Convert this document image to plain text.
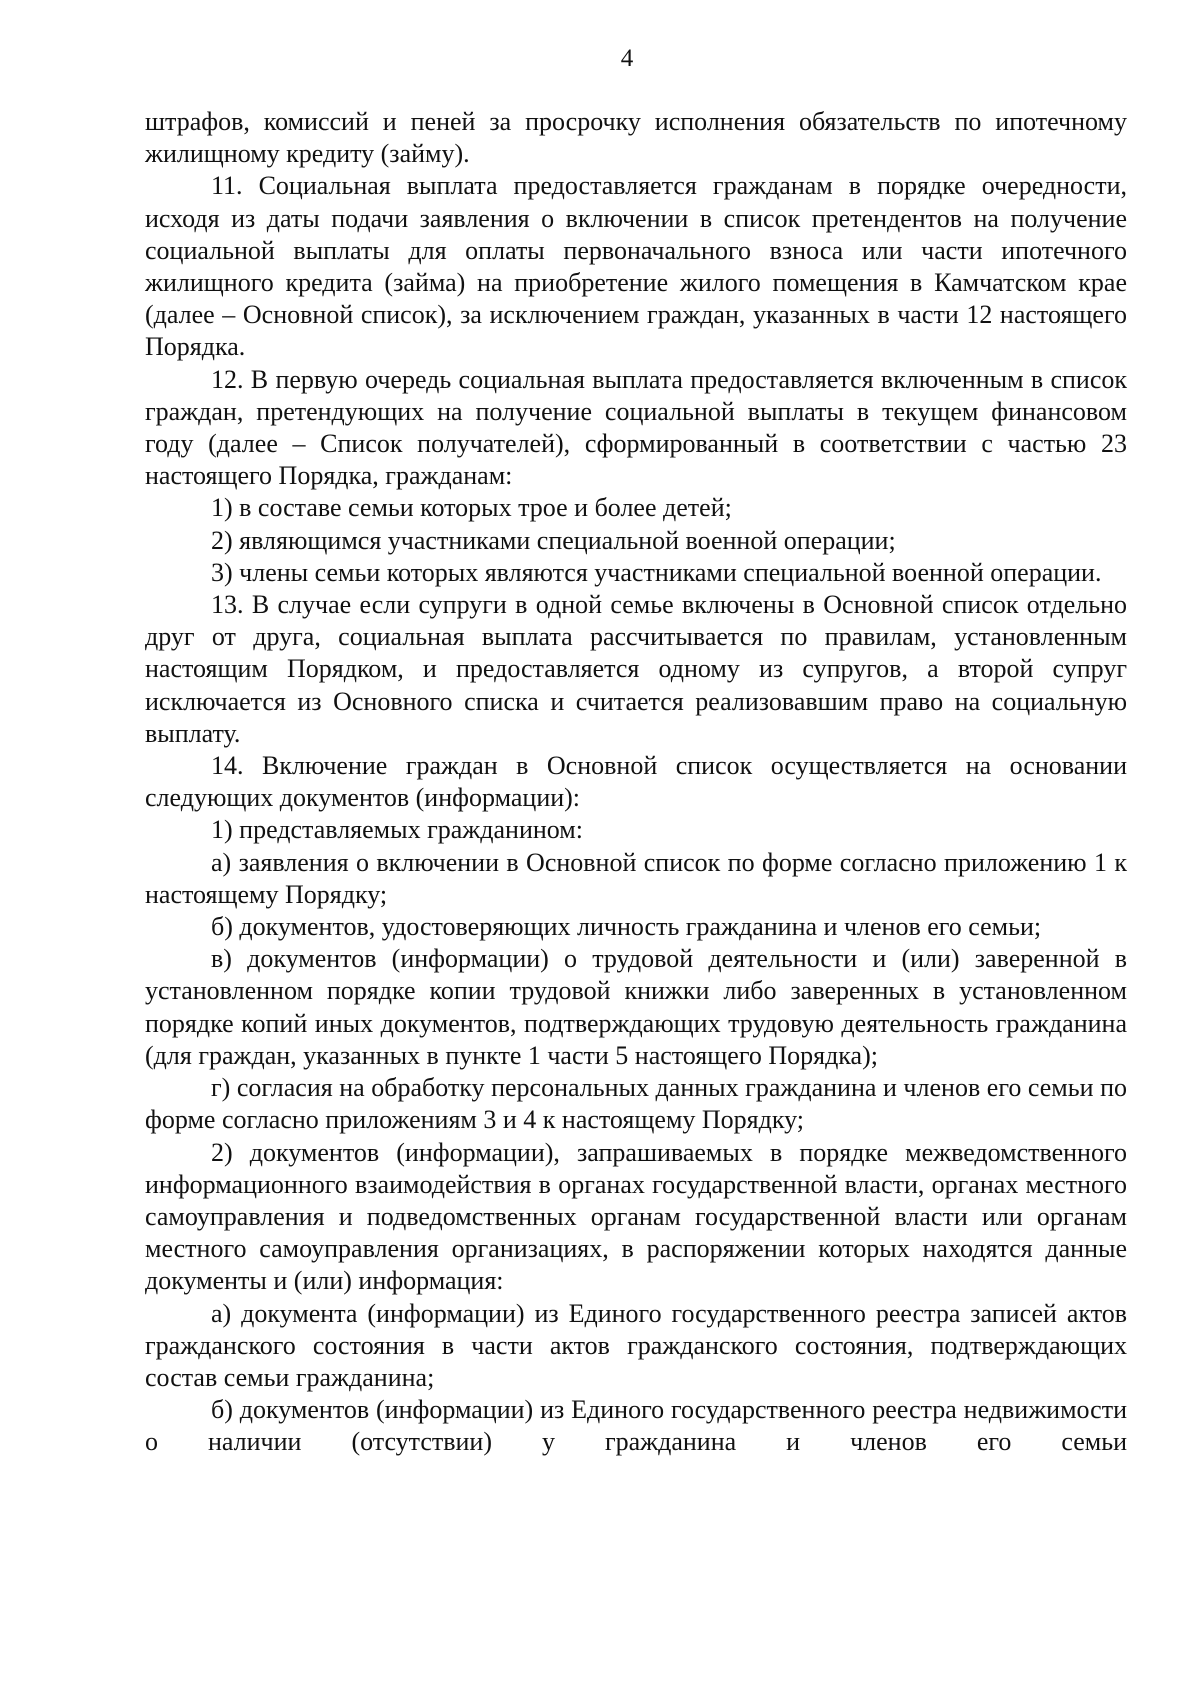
4

штрафов, комиссий и пеней за просрочку исполнения обязательств по ипотечному жилищному кредиту (займу).

11. Социальная выплата предоставляется гражданам в порядке очередности, исходя из даты подачи заявления о включении в список претендентов на получение социальной выплаты для оплаты первоначального взноса или части ипотечного жилищного кредита (займа) на приобретение жилого помещения в Камчатском крае (далее – Основной список), за исключением граждан, указанных в части 12 настоящего Порядка.

12. В первую очередь социальная выплата предоставляется включенным в список граждан, претендующих на получение социальной выплаты в текущем финансовом году (далее – Список получателей), сформированный в соответствии с частью 23 настоящего Порядка, гражданам:

1) в составе семьи которых трое и более детей;

2) являющимся участниками специальной военной операции;

3) члены семьи которых являются участниками специальной военной операции.

13. В случае если супруги в одной семье включены в Основной список отдельно друг от друга, социальная выплата рассчитывается по правилам, установленным настоящим Порядком, и предоставляется одному из супругов, а второй супруг исключается из Основного списка и считается реализовавшим право на социальную выплату.

14. Включение граждан в Основной список осуществляется на основании следующих документов (информации):

1) представляемых гражданином:

а) заявления о включении в Основной список по форме согласно приложению 1 к настоящему Порядку;

б) документов, удостоверяющих личность гражданина и членов его семьи;

в) документов (информации) о трудовой деятельности и (или) заверенной в установленном порядке копии трудовой книжки либо заверенных в установленном порядке копий иных документов, подтверждающих трудовую деятельность гражданина (для граждан, указанных в пункте 1 части 5 настоящего Порядка);

г) согласия на обработку персональных данных гражданина и членов его семьи по форме согласно приложениям 3 и 4 к настоящему Порядку;

2) документов (информации), запрашиваемых в порядке межведомственного информационного взаимодействия в органах государственной власти, органах местного самоуправления и подведомственных органам государственной власти или органам местного самоуправления организациях, в распоряжении которых находятся данные документы и (или) информация:

а) документа (информации) из Единого государственного реестра записей актов гражданского состояния в части актов гражданского состояния, подтверждающих состав семьи гражданина;

б) документов (информации) из Единого государственного реестра недвижимости о наличии (отсутствии) у гражданина и членов его семьи
